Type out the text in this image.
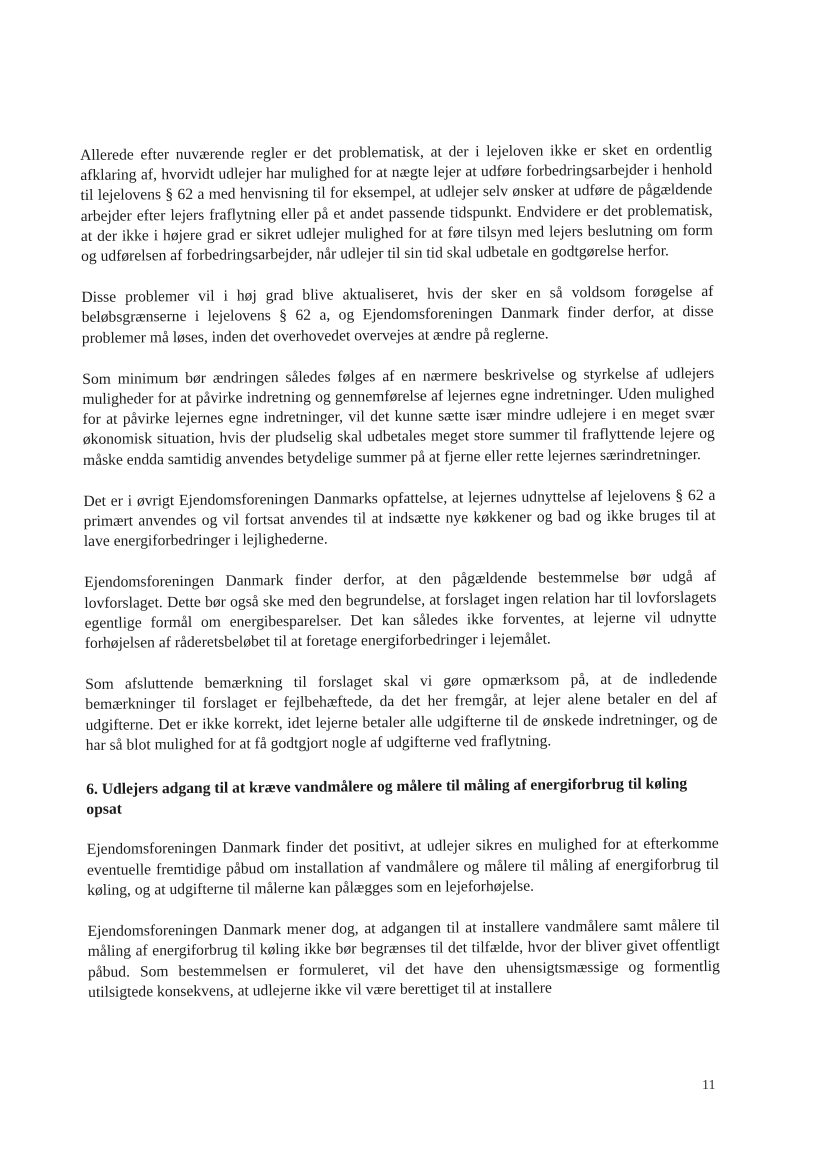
Allerede efter nuværende regler er det problematisk, at der i lejeloven ikke er sket en ordentlig afklaring af, hvorvidt udlejer har mulighed for at nægte lejer at udføre forbedringsarbejder i henhold til lejelovens § 62 a med henvisning til for eksempel, at udlejer selv ønsker at udføre de pågældende arbejder efter lejers fraflytning eller på et andet passende tidspunkt. Endvidere er det problematisk, at der ikke i højere grad er sikret udlejer mulighed for at føre tilsyn med lejers beslutning om form og udførelsen af forbedringsarbejder, når udlejer til sin tid skal udbetale en godtgørelse herfor.

Disse problemer vil i høj grad blive aktualiseret, hvis der sker en så voldsom forøgelse af beløbsgrænserne i lejelovens § 62 a, og Ejendomsforeningen Danmark finder derfor, at disse problemer må løses, inden det overhovedet overvejes at ændre på reglerne.

Som minimum bør ændringen således følges af en nærmere beskrivelse og styrkelse af udlejers muligheder for at påvirke indretning og gennemførelse af lejernes egne indretninger. Uden mulighed for at påvirke lejernes egne indretninger, vil det kunne sætte især mindre udlejere i en meget svær økonomisk situation, hvis der pludselig skal udbetales meget store summer til fraflyttende lejere og måske endda samtidig anvendes betydelige summer på at fjerne eller rette lejernes særindretninger.

Det er i øvrigt Ejendomsforeningen Danmarks opfattelse, at lejernes udnyttelse af lejelovens § 62 a primært anvendes og vil fortsat anvendes til at indsætte nye køkkener og bad og ikke bruges til at lave energiforbedringer i lejlighederne.

Ejendomsforeningen Danmark finder derfor, at den pågældende bestemmelse bør udgå af lovforslaget. Dette bør også ske med den begrundelse, at forslaget ingen relation har til lovforslagets egentlige formål om energibesparelser. Det kan således ikke forventes, at lejerne vil udnytte forhøjelsen af råderetsbeløbet til at foretage energiforbedringer i lejemålet.

Som afsluttende bemærkning til forslaget skal vi gøre opmærksom på, at de indledende bemærkninger til forslaget er fejlbehæftede, da det her fremgår, at lejer alene betaler en del af udgifterne. Det er ikke korrekt, idet lejerne betaler alle udgifterne til de ønskede indretninger, og de har så blot mulighed for at få godtgjort nogle af udgifterne ved fraflytning.

6. Udlejers adgang til at kræve vandmålere og målere til måling af energiforbrug til køling opsat

Ejendomsforeningen Danmark finder det positivt, at udlejer sikres en mulighed for at efterkomme eventuelle fremtidige påbud om installation af vandmålere og målere til måling af energiforbrug til køling, og at udgifterne til målerne kan pålægges som en lejeforhøjelse.

Ejendomsforeningen Danmark mener dog, at adgangen til at installere vandmålere samt målere til måling af energiforbrug til køling ikke bør begrænses til det tilfælde, hvor der bliver givet offentligt påbud. Som bestemmelsen er formuleret, vil det have den uhensigtsmæssige og formentlig utilsigtede konsekvens, at udlejerne ikke vil være berettiget til at installere

11
